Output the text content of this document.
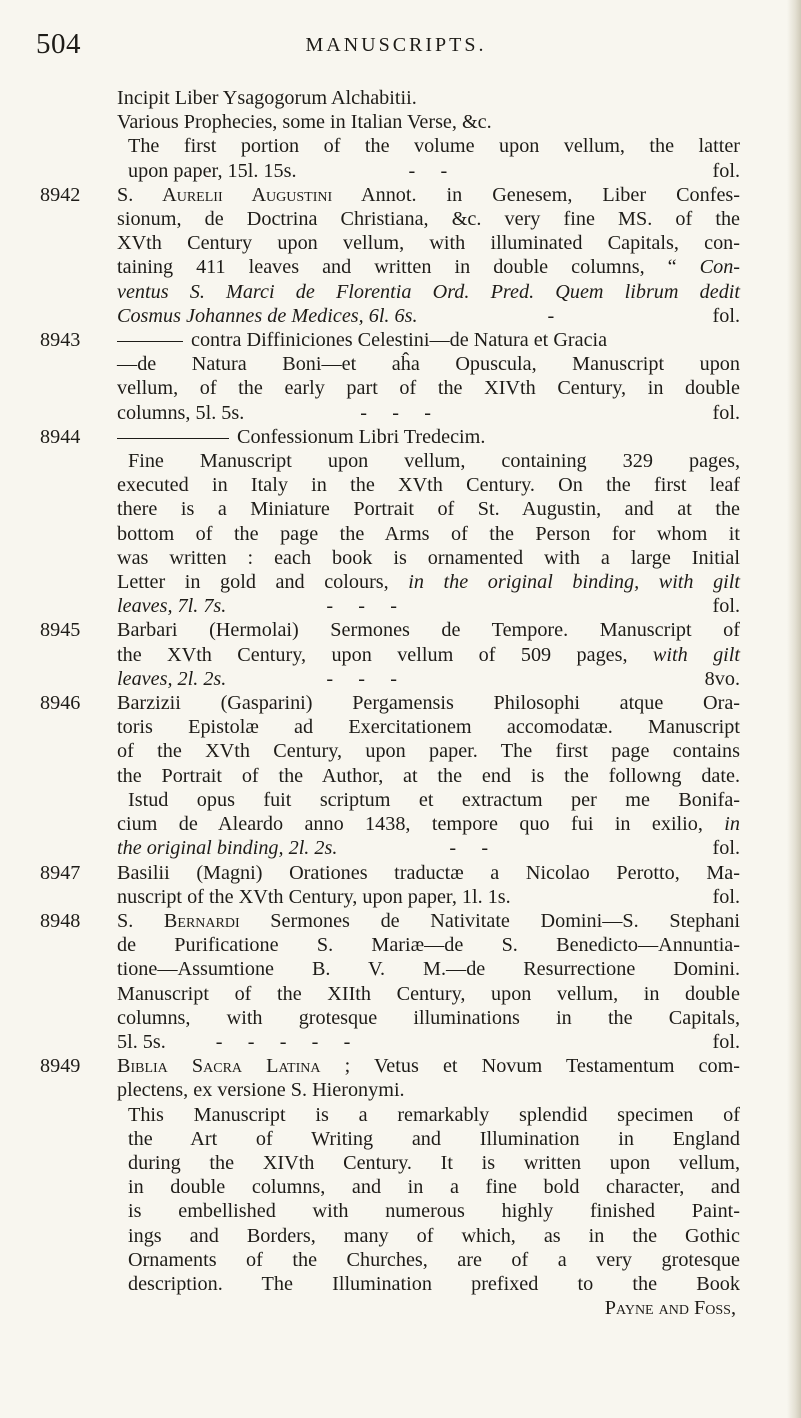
504	MANUSCRIPTS.
Incipit Liber Ysagogorum Alchabitii.
Various Prophecies, some in Italian Verse, &c.
The first portion of the volume upon vellum, the latter
upon paper, 15l. 15s.	-     -	fol.
8942	S. Aurelii Augustini Annot. in Genesem, Liber Confes-
sionum, de Doctrina Christiana, &c. very fine MS. of the
XVth Century upon vellum, with illuminated Capitals, con-
taining 411 leaves and written in double columns, “ Con-
ventus S. Marci de Florentia Ord. Pred. Quem librum dedit
Cosmus Johannes de Medices, 6l. 6s.	-	fol.
8943	contra Diffiniciones Celestini—de Natura et Gracia
—de Natura Boni—et aĥa Opuscula, Manuscript upon
vellum, of the early part of the XIVth Century, in double
columns, 5l. 5s.	-     -     -	fol.
8944	Confessionum Libri Tredecim.
Fine Manuscript upon vellum, containing 329 pages,
executed in Italy in the XVth Century. On the first leaf
there is a Miniature Portrait of St. Augustin, and at the
bottom of the page the Arms of the Person for whom it
was written : each book is ornamented with a large Initial
Letter in gold and colours, in the original binding, with gilt
leaves, 7l. 7s.	-     -     -	fol.
8945	Barbari (Hermolai) Sermones de Tempore. Manuscript of
the XVth Century, upon vellum of 509 pages, with gilt
leaves, 2l. 2s.	-     -     -	8vo.
8946	Barzizii (Gasparini) Pergamensis Philosophi atque Ora-
toris Epistolæ ad Exercitationem accomodatæ. Manuscript
of the XVth Century, upon paper. The first page contains
the Portrait of the Author, at the end is the followng date.
Istud opus fuit scriptum et extractum per me Bonifa-
cium de Aleardo anno 1438, tempore quo fui in exilio, in
the original binding, 2l. 2s.	-     -	fol.
8947	Basilii (Magni) Orationes traductæ a Nicolao Perotto, Ma-
nuscript of the XVth Century, upon paper, 1l. 1s.	fol.
8948	S. Bernardi Sermones de Nativitate Domini—S. Stephani
de Purificatione S. Mariæ—de S. Benedicto—Annuntia-
tione—Assumtione B. V. M.—de Resurrectione Domini.
Manuscript of the XIIth Century, upon vellum, in double
columns, with grotesque illuminations in the Capitals,
5l. 5s. -     -     -     -     -	fol.
8949	Biblia Sacra Latina ; Vetus et Novum Testamentum com-
plectens, ex versione S. Hieronymi.
This Manuscript is a remarkably splendid specimen of
the Art of Writing and Illumination in England
during the XIVth Century. It is written upon vellum,
in double columns, and in a fine bold character, and
is embellished with numerous highly finished Paint-
ings and Borders, many of which, as in the Gothic
Ornaments of the Churches, are of a very grotesque
description. The Illumination prefixed to the Book
Payne and Foss,
